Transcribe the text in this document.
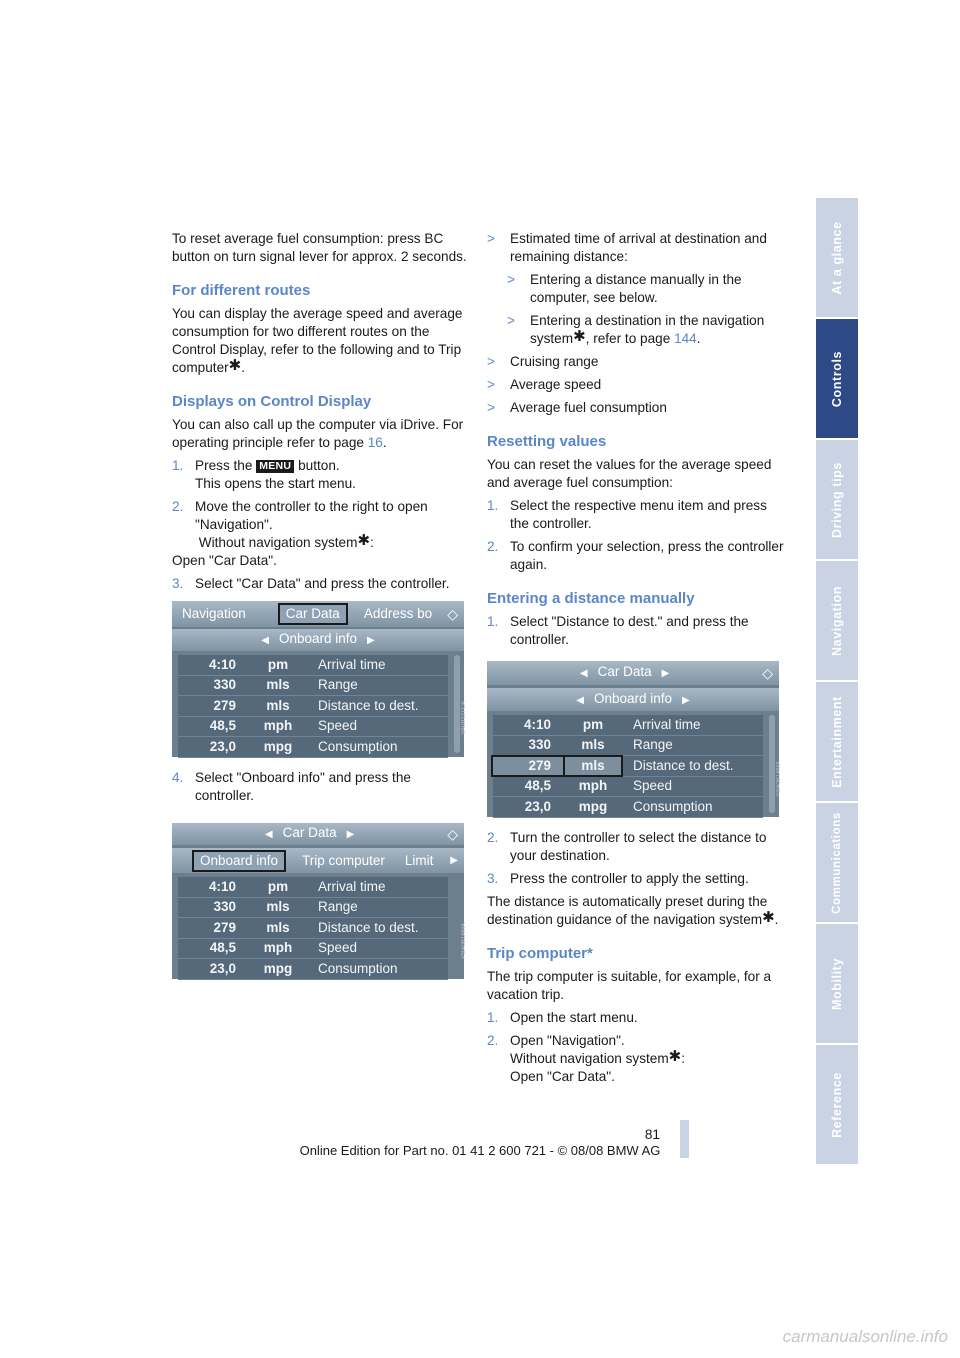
At a glance
Controls
Driving tips
Navigation
Entertainment
Communications
Mobility
Reference

To reset average fuel consumption: press BC button on turn signal lever for approx. 2 seconds.

For different routes

You can display the average speed and average consumption for two different routes on the Control Display, refer to the following and to Trip computer✱.

Displays on Control Display

You can also call up the computer via iDrive. For operating principle refer to page 16.

1. Press the MENU button.
This opens the start menu.
2. Move the controller to the right to open "Navigation".
Without navigation system✱:

Open "Car Data".

3. Select "Car Data" and press the controller.
Navigation	Car Data	Address bo	◇
◀ Onboard info ▶
4:10	pm	Arrival time
330	mls	Range
279	mls	Distance to dest.
48,5	mph	Speed
23,0	mpg	Consumption
VA0B12TCA
4. Select "Onboard info" and press the controller.
◀ Car Data ▶	◇
Onboard info	Trip computer	Limit	▶
4:10	pm	Arrival time
330	mls	Range
279	mls	Distance to dest.
48,5	mph	Speed
23,0	mpg	Consumption
PBA0B1AMA
>	Estimated time of arrival at destination and remaining distance:
>	Entering a distance manually in the computer, see below.
>	Entering a destination in the navigation system✱, refer to page 144.
>	Cruising range
>	Average speed
>	Average fuel consumption
Resetting values

You can reset the values for the average speed and average fuel consumption:

1. Select the respective menu item and press the controller.
2. To confirm your selection, press the controller again.
Entering a distance manually
1. Select "Distance to dest." and press the controller.
◀ Car Data ▶	◇
◀ Onboard info ▶
4:10	pm	Arrival time
330	mls	Range
279	mls	Distance to dest.
48,5	mph	Speed
23,0	mpg	Consumption
PBA0B1AMA
2. Turn the controller to select the distance to your destination.
3. Press the controller to apply the setting.

The distance is automatically preset during the destination guidance of the navigation system✱.

Trip computer*

The trip computer is suitable, for example, for a vacation trip.

1. Open the start menu.
2. Open "Navigation".
Without navigation system✱:
Open "Car Data".
81
Online Edition for Part no. 01 41 2 600 721 - © 08/08 BMW AG
carmanualsonline.info
